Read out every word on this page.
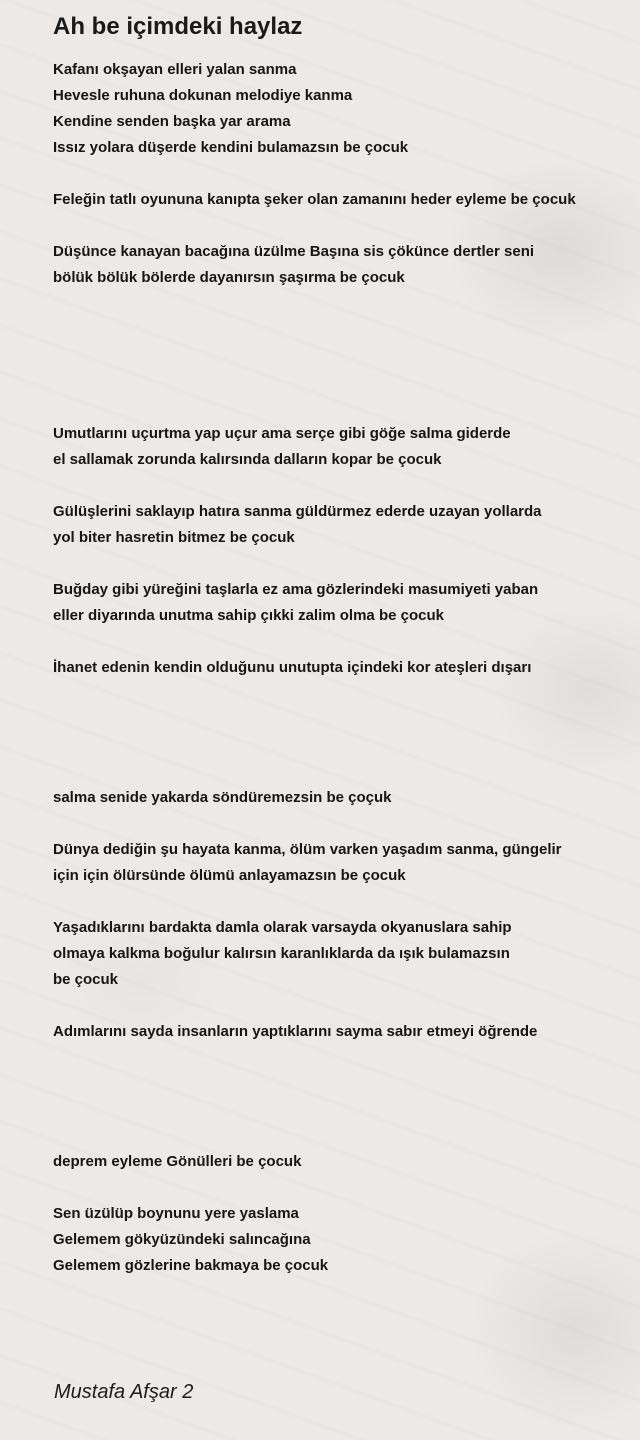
Ah be içimdeki haylaz
Kafanı okşayan elleri yalan sanma
Hevesle ruhuna dokunan melodiye kanma
Kendine senden başka yar arama
Issız yolara düşerde kendini bulamazsın be çocuk
Feleğin tatlı oyununa kanıpta şeker olan zamanını heder eyleme be çocuk
Düşünce kanayan bacağına üzülme Başına sis çökünce dertler seni
bölük bölük bölerde dayanırsın şaşırma be çocuk
Umutlarını uçurtma yap uçur ama serçe gibi göğe salma giderde
el sallamak zorunda kalırsında dalların kopar be çocuk
Gülüşlerini saklayıp hatıra sanma güldürmez ederde uzayan yollarda
yol biter hasretin bitmez be çocuk
Buğday gibi yüreğini taşlarla ez ama gözlerindeki masumiyeti yaban
eller diyarında unutma sahip çıkki zalim olma be çocuk
İhanet edenin kendin olduğunu unutupta içindeki kor ateşleri dışarı
salma senide yakarda söndüremezsin be çoçuk
Dünya dediğin şu hayata kanma, ölüm varken yaşadım sanma, güngelir
için için ölürsünde ölümü anlayamazsın be çocuk
Yaşadıklarını bardakta damla olarak varsayda okyanuslara sahip
olmaya kalkma boğulur kalırsın karanlıklarda da ışık bulamazsın
be çocuk
Adımlarını sayda insanların yaptıklarını sayma sabır etmeyi öğrende
deprem eyleme Gönülleri be çocuk
Sen üzülüp boynunu yere yaslama
Gelemem gökyüzündeki salıncağına
Gelemem gözlerine bakmaya be çocuk
Mustafa Afşar 2
